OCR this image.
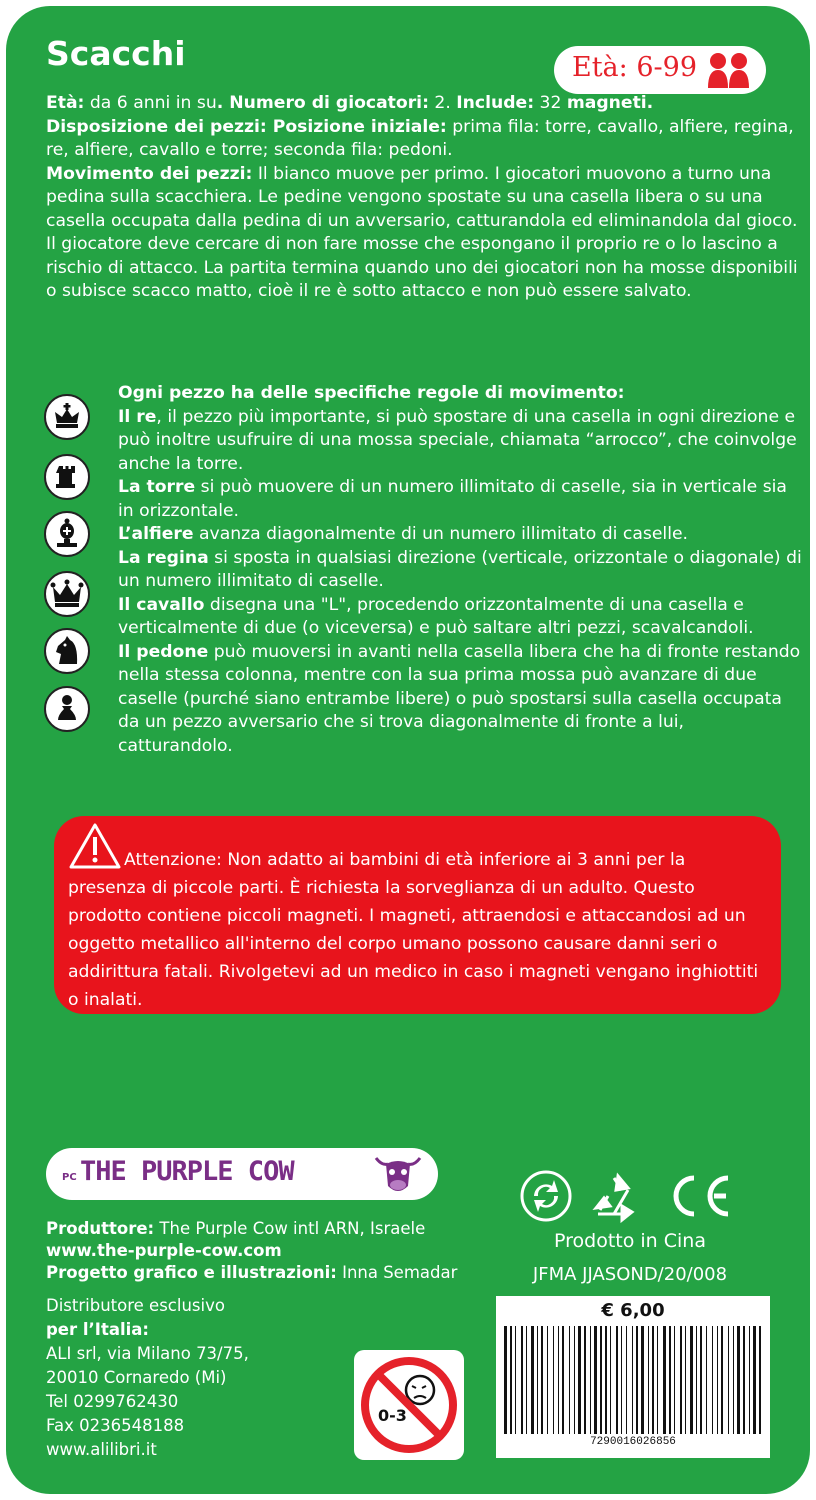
Scacchi	Età: 6-99
Età: da 6 anni in su. Numero di giocatori: 2. Include: 32 magneti.
Disposizione dei pezzi: Posizione iniziale: prima fila: torre, cavallo, alfiere, regina, re, alfiere, cavallo e torre; seconda fila: pedoni.
Movimento dei pezzi: Il bianco muove per primo. I giocatori muovono a turno una pedina sulla scacchiera. Le pedine vengono spostate su una casella libera o su una casella occupata dalla pedina di un avversario, catturandola ed eliminandola dal gioco. Il giocatore deve cercare di non fare mosse che espongano il proprio re o lo lascino a rischio di attacco. La partita termina quando uno dei giocatori non ha mosse disponibili o subisce scacco matto, cioè il re è sotto attacco e non può essere salvato.
Ogni pezzo ha delle specifiche regole di movimento:
Il re, il pezzo più importante, si può spostare di una casella in ogni direzione e può inoltre usufruire di una mossa speciale, chiamata “arrocco”, che coinvolge anche la torre.
La torre si può muovere di un numero illimitato di caselle, sia in verticale sia in orizzontale.
L’alfiere avanza diagonalmente di un numero illimitato di caselle.
La regina si sposta in qualsiasi direzione (verticale, orizzontale o diagonale) di un numero illimitato di caselle.
Il cavallo disegna una "L", procedendo orizzontalmente di una casella e verticalmente di due (o viceversa) e può saltare altri pezzi, scavalcandoli.
Il pedone può muoversi in avanti nella casella libera che ha di fronte restando nella stessa colonna, mentre con la sua prima mossa può avanzare di due caselle (purché siano entrambe libere) o può spostarsi sulla casella occupata da un pezzo avversario che si trova diagonalmente di fronte a lui, catturandolo.
Attenzione: Non adatto ai bambini di età inferiore ai 3 anni per la presenza di piccole parti. È richiesta la sorveglianza di un adulto. Questo prodotto contiene piccoli magneti. I magneti, attraendosi e attaccandosi ad un oggetto metallico all'interno del corpo umano possono causare danni seri o addirittura fatali. Rivolgetevi ad un medico in caso i magneti vengano inghiottiti o inalati.
PC THE PURPLE COW
Produttore: The Purple Cow intl ARN, Israele
www.the-purple-cow.com
Progetto grafico e illustrazioni: Inna Semadar
Distributore esclusivo
per l’Italia:
ALI srl, via Milano 73/75,
20010 Cornaredo (Mi)
Tel 0299762430
Fax 0236548188
www.alilibri.it
0-3
Prodotto in Cina
JFMA JJASOND/20/008
€ 6,00
7290016026856
